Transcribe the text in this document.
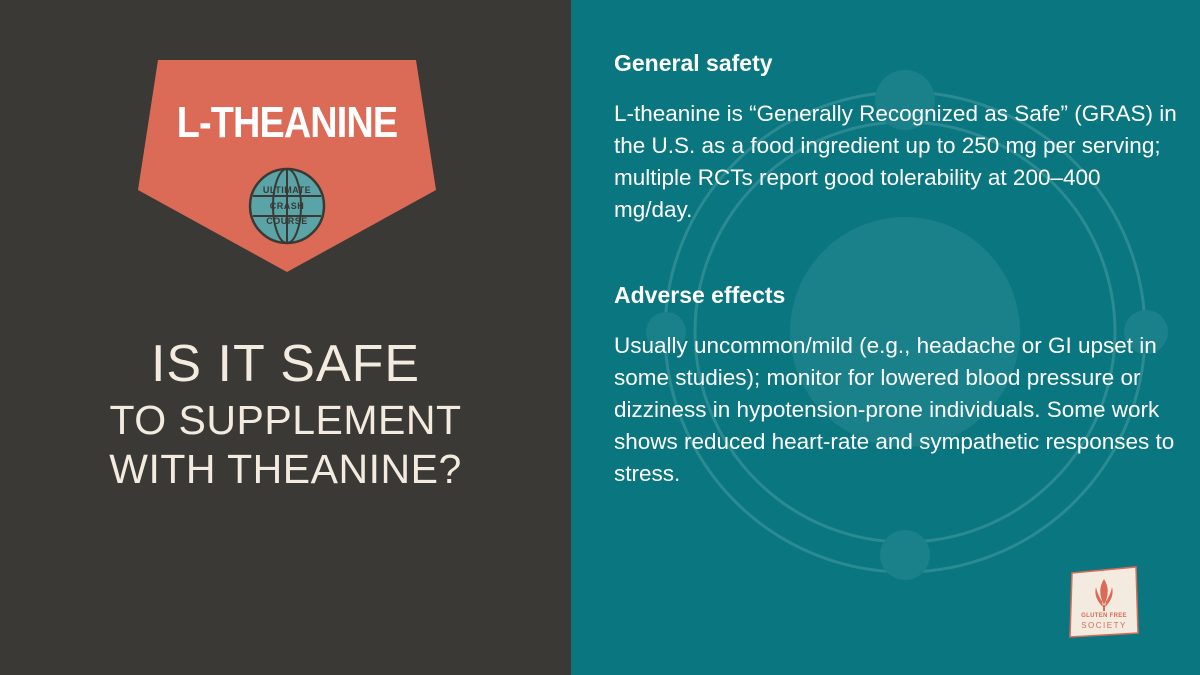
L-THEANINE
ULTIMATE
CRASH
COURSE
IS IT SAFE
TO SUPPLEMENT
WITH THEANINE?
General safety

L-theanine is “Generally Recognized as Safe” (GRAS) in the U.S. as a food ingredient up to 250 mg per serving; multiple RCTs report good tolerability at 200–400 mg/day.

Adverse effects

Usually uncommon/mild (e.g., headache or GI upset in some studies); monitor for lowered blood pressure or dizziness in hypotension-prone individuals. Some work shows reduced heart-rate and sympathetic responses to stress.

GLUTEN FREE
SOCIETY
